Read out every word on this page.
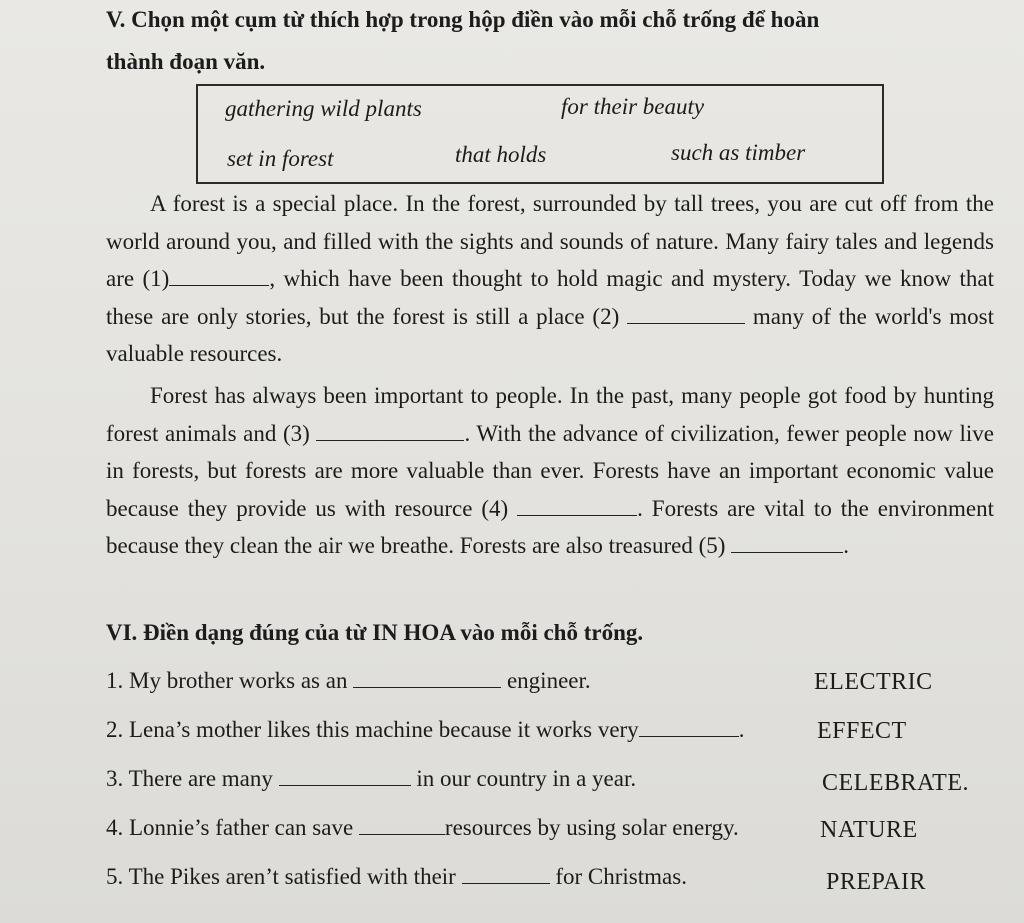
V. Chọn một cụm từ thích hợp trong hộp điền vào mỗi chỗ trống để hoàn
thành đoạn văn.
gathering wild plants	for their beauty
set in forest	that holds	such as timber
A forest is a special place. In the forest, surrounded by tall trees, you are cut off from the world around you, and filled with the sights and sounds of nature. Many fairy tales and legends are (1)	, which have been thought to hold magic and mystery. Today we know that these are only stories, but the forest is still a place (2)	many of the world's most valuable resources.
Forest has always been important to people. In the past, many people got food by hunting forest animals and (3)	. With the advance of civilization, fewer people now live in forests, but forests are more valuable than ever. Forests have an important economic value because they provide us with resource (4)	. Forests are vital to the environment because they clean the air we breathe. Forests are also treasured (5)	.
VI. Điền dạng đúng của từ IN HOA vào mỗi chỗ trống.
1. My brother works as an	engineer.	ELECTRIC
2. Lena’s mother likes this machine because it works very	.	EFFECT
3. There are many	in our country in a year.	CELEBRATE.
4. Lonnie’s father can save	resources by using solar energy.	NATURE
5. The Pikes aren’t satisfied with their	for Christmas.	PREPAIR
